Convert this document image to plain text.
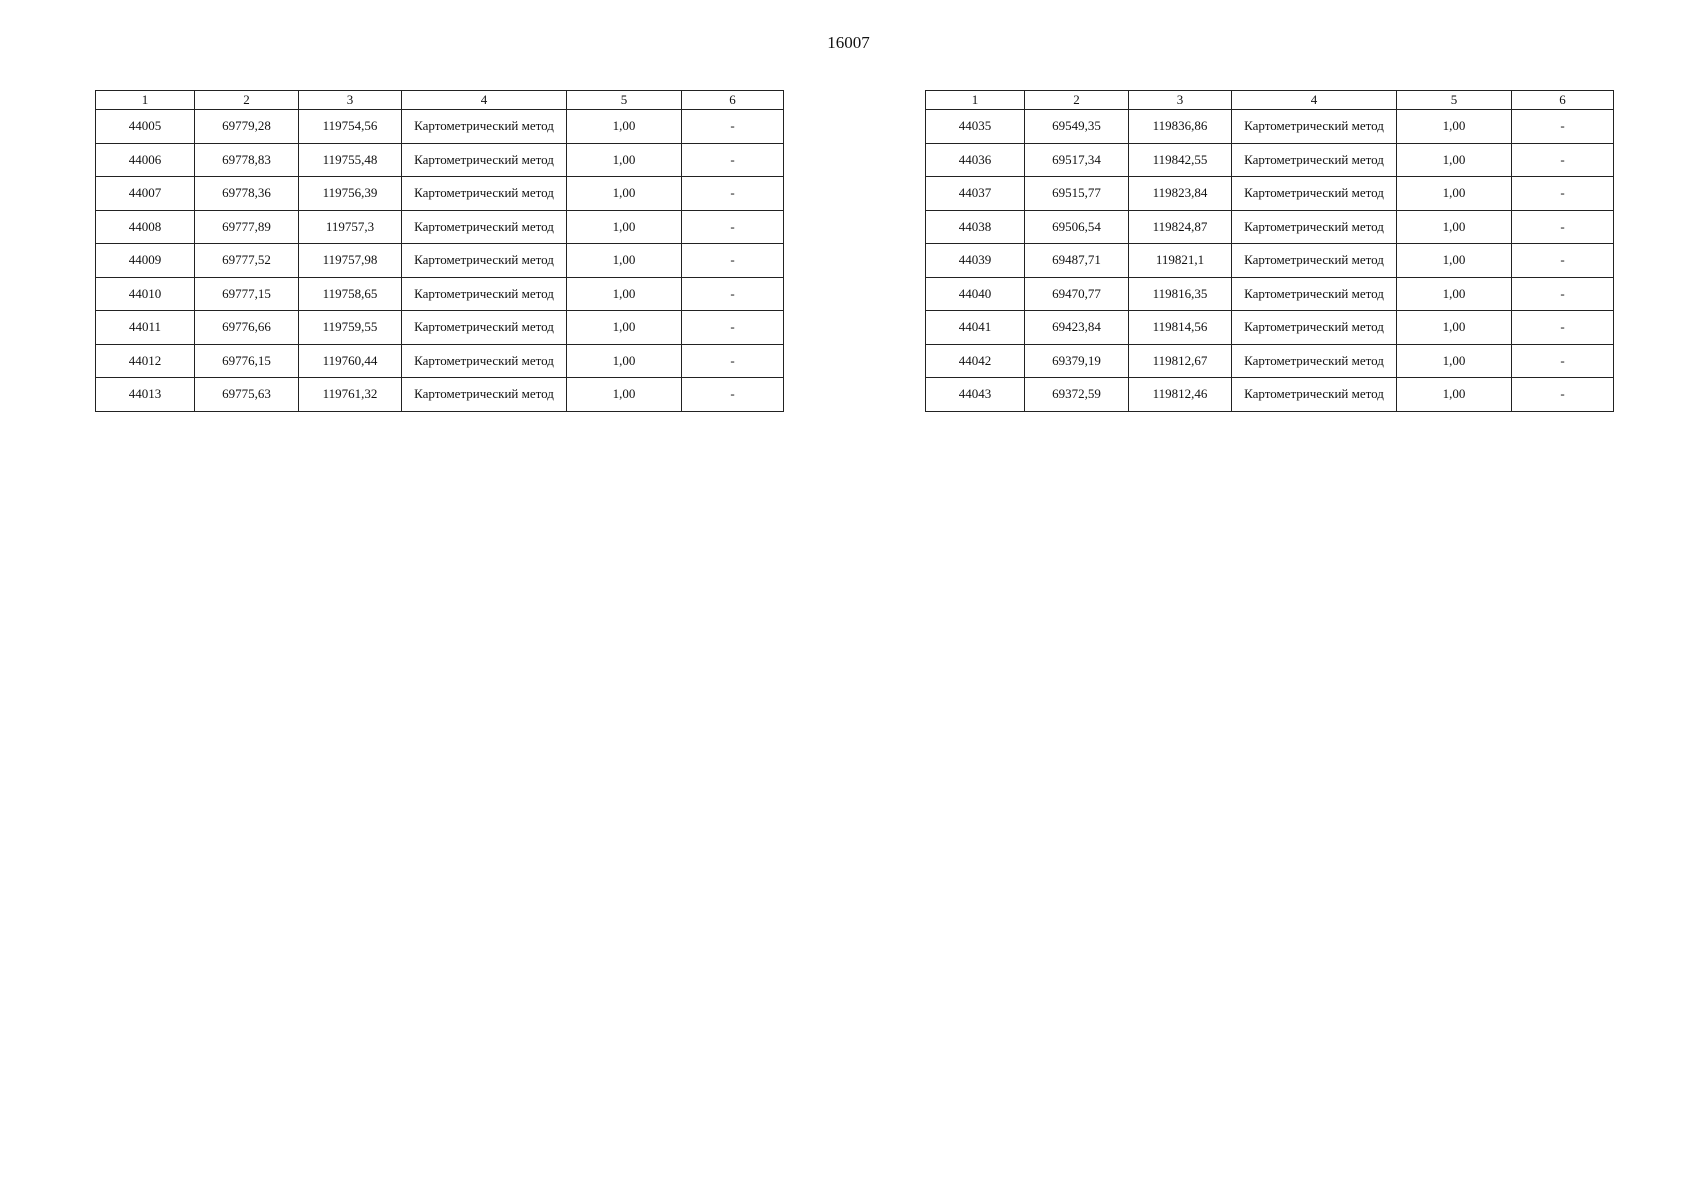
16007
1	2	3	4	5	6
44005	69779,28	119754,56	Картометрический метод	1,00	-
44006	69778,83	119755,48	Картометрический метод	1,00	-
44007	69778,36	119756,39	Картометрический метод	1,00	-
44008	69777,89	119757,3	Картометрический метод	1,00	-
44009	69777,52	119757,98	Картометрический метод	1,00	-
44010	69777,15	119758,65	Картометрический метод	1,00	-
44011	69776,66	119759,55	Картометрический метод	1,00	-
44012	69776,15	119760,44	Картометрический метод	1,00	-
44013	69775,63	119761,32	Картометрический метод	1,00	-
1	2	3	4	5	6
44035	69549,35	119836,86	Картометрический метод	1,00	-
44036	69517,34	119842,55	Картометрический метод	1,00	-
44037	69515,77	119823,84	Картометрический метод	1,00	-
44038	69506,54	119824,87	Картометрический метод	1,00	-
44039	69487,71	119821,1	Картометрический метод	1,00	-
44040	69470,77	119816,35	Картометрический метод	1,00	-
44041	69423,84	119814,56	Картометрический метод	1,00	-
44042	69379,19	119812,67	Картометрический метод	1,00	-
44043	69372,59	119812,46	Картометрический метод	1,00	-
